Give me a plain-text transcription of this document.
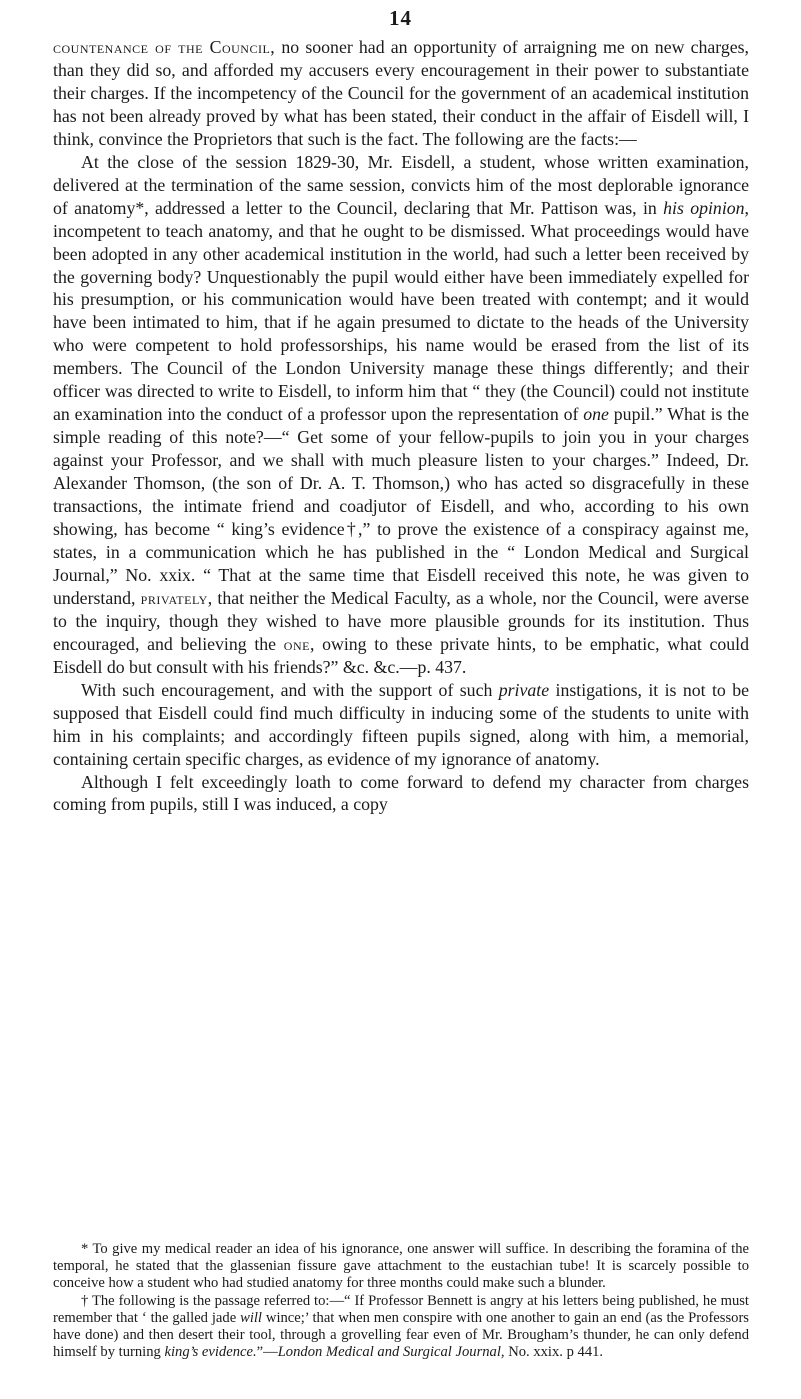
14

countenance of the Council, no sooner had an opportunity of arraigning me on new charges, than they did so, and afforded my accusers every encouragement in their power to substantiate their charges. If the incompetency of the Council for the government of an academical institution has not been already proved by what has been stated, their conduct in the affair of Eisdell will, I think, convince the Proprietors that such is the fact. The following are the facts:—

At the close of the session 1829-30, Mr. Eisdell, a student, whose written examination, delivered at the termination of the same session, convicts him of the most deplorable ignorance of anatomy*, addressed a letter to the Council, declaring that Mr. Pattison was, in his opinion, incompetent to teach anatomy, and that he ought to be dismissed. What proceedings would have been adopted in any other academical institution in the world, had such a letter been received by the governing body? Unquestionably the pupil would either have been immediately expelled for his presumption, or his communication would have been treated with contempt; and it would have been intimated to him, that if he again presumed to dictate to the heads of the University who were competent to hold professorships, his name would be erased from the list of its members. The Council of the London University manage these things differently; and their officer was directed to write to Eisdell, to inform him that “ they (the Council) could not institute an examination into the conduct of a professor upon the representation of one pupil.” What is the simple reading of this note?—“ Get some of your fellow-pupils to join you in your charges against your Professor, and we shall with much pleasure listen to your charges.” Indeed, Dr. Alexander Thomson, (the son of Dr. A. T. Thomson,) who has acted so disgracefully in these transactions, the intimate friend and coadjutor of Eisdell, and who, according to his own showing, has become “ king’s evidence†,” to prove the existence of a conspiracy against me, states, in a communication which he has published in the “ London Medical and Surgical Journal,” No. xxix. “ That at the same time that Eisdell received this note, he was given to understand, privately, that neither the Medical Faculty, as a whole, nor the Council, were averse to the inquiry, though they wished to have more plausible grounds for its institution. Thus encouraged, and believing the one, owing to these private hints, to be emphatic, what could Eisdell do but consult with his friends?” &c. &c.—p. 437.

With such encouragement, and with the support of such private instigations, it is not to be supposed that Eisdell could find much difficulty in inducing some of the students to unite with him in his complaints; and accordingly fifteen pupils signed, along with him, a memorial, containing certain specific charges, as evidence of my ignorance of anatomy.

Although I felt exceedingly loath to come forward to defend my character from charges coming from pupils, still I was induced, a copy

* To give my medical reader an idea of his ignorance, one answer will suffice. In describing the foramina of the temporal, he stated that the glassenian fissure gave attachment to the eustachian tube! It is scarcely possible to conceive how a student who had studied anatomy for three months could make such a blunder.

† The following is the passage referred to:—“ If Professor Bennett is angry at his letters being published, he must remember that ‘ the galled jade will wince;’ that when men conspire with one another to gain an end (as the Professors have done) and then desert their tool, through a grovelling fear even of Mr. Brougham’s thunder, he can only defend himself by turning king’s evidence.”—London Medical and Surgical Journal, No. xxix. p 441.
